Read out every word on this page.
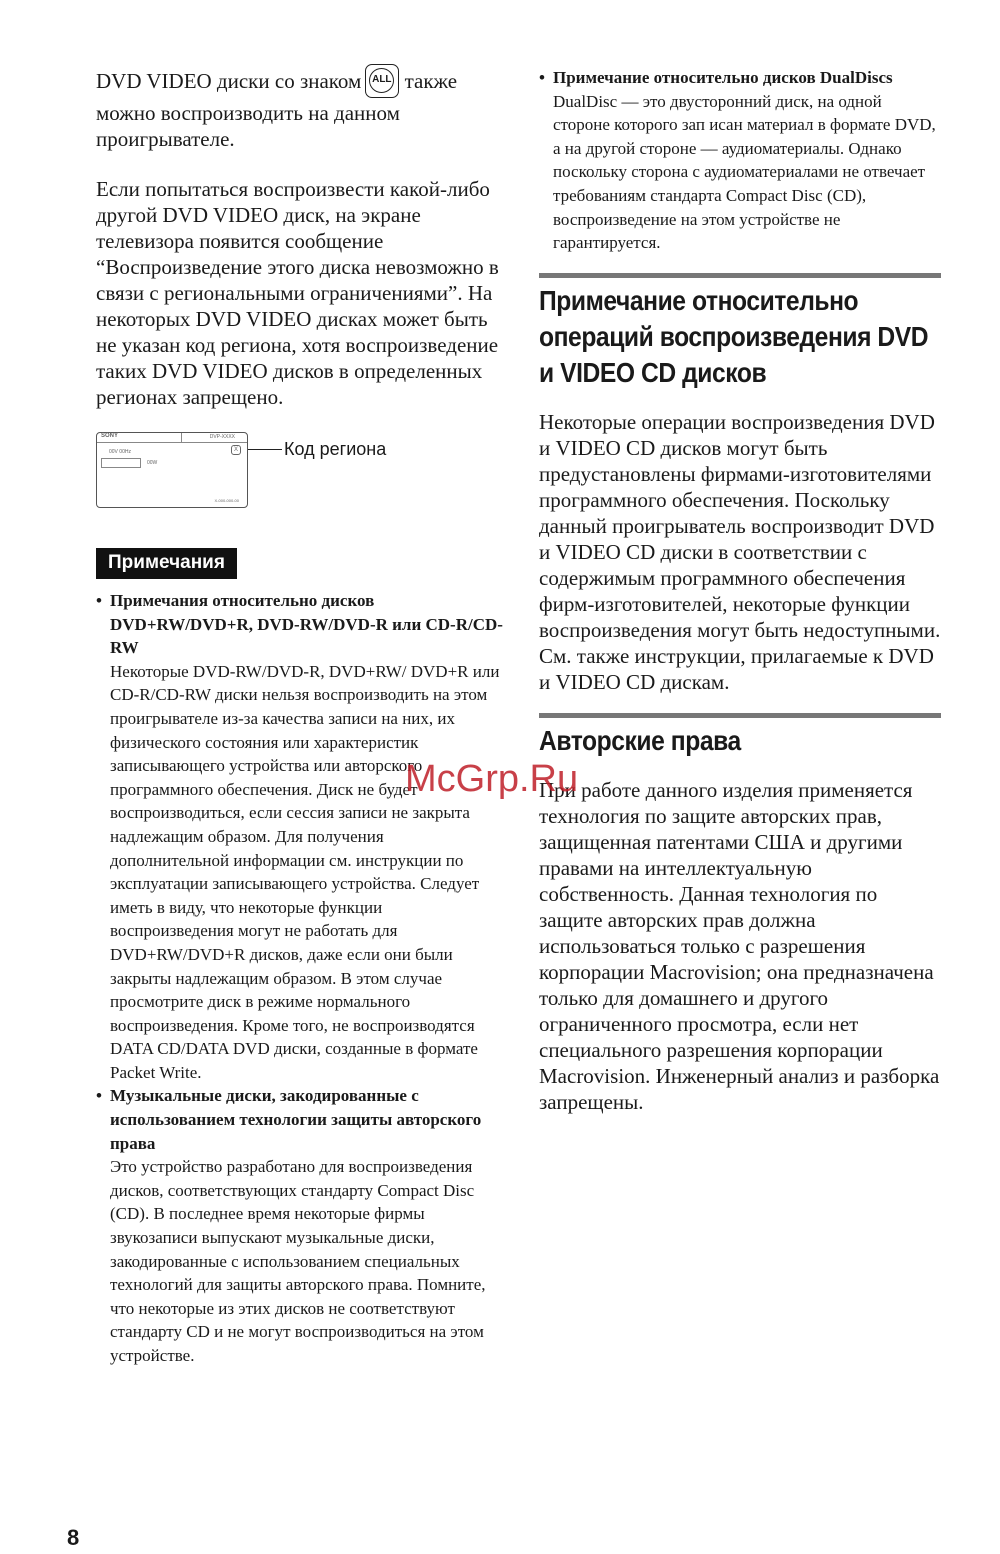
DVD VIDEO диски со знаком ALL также можно воспроизводить на данном проигрывателе.

Если попытаться воспроизвести какой-либо другой DVD VIDEO диск, на экране телевизора появится сообщение “Воспроизведение этого диска невозможно в связи с региональными ограничениями”. На некоторых DVD VIDEO дисках может быть не указан код региона, хотя воспроизведение таких DVD VIDEO дисков в определенных регионах запрещено.

SONY	DVP-XXXX
00V 00Hz
00W
X
X-000-000-00
Код региона
Примечания
• Примечания относительно дисков DVD+RW/DVD+R, DVD-RW/DVD-R или CD-R/CD-RW
Некоторые DVD-RW/DVD-R, DVD+RW/ DVD+R или CD-R/CD-RW диски нельзя воспроизводить на этом проигрывателе из-за качества записи на них, их физического состояния или характеристик записывающего устройства или авторского программного обеспечения. Диск не будет воспроизводиться, если сессия записи не закрыта надлежащим образом. Для получения дополнительной информации см. инструкции по эксплуатации записывающего устройства. Следует иметь в виду, что некоторые функции воспроизведения могут не работать для DVD+RW/DVD+R дисков, даже если они были закрыты надлежащим образом. В этом случае просмотрите диск в режиме нормального воспроизведения. Кроме того, не воспроизводятся DATA CD/DATA DVD диски, созданные в формате Packet Write.
• Музыкальные диски, закодированные с использованием технологии защиты авторского права
Это устройство разработано для воспроизведения дисков, соответствующих стандарту Compact Disc (CD). В последнее время некоторые фирмы звукозаписи выпускают музыкальные диски, закодированные с использованием специальных технологий для защиты авторского права. Помните, что некоторые из этих дисков не соответствуют стандарту CD и не могут воспроизводиться на этом устройстве.
• Примечание относительно дисков DualDiscs
DualDisc — это двусторонний диск, на одной стороне которого зап исан материал в формате DVD, а на другой стороне — аудиоматериалы. Однако поскольку сторона с аудиоматериалами не отвечает требованиям стандарта Compact Disc (CD), воспроизведение на этом устройстве не гарантируется.
Примечание относительно операций воспроизведения DVD и VIDEO CD дисков

Некоторые операции воспроизведения DVD и VIDEO CD дисков могут быть предустановлены фирмами-изготовителями программного обеспечения. Поскольку данный проигрыватель воспроизводит DVD и VIDEO CD диски в соответствии с содержимым программного обеспечения фирм-изготовителей, некоторые функции воспроизведения могут быть недоступными. См. также инструкции, прилагаемые к DVD и VIDEO CD дискам.

Авторские права

При работе данного изделия применяется технология по защите авторских прав, защищенная патентами США и другими правами на интеллектуальную собственность. Данная технология по защите авторских прав должна использоваться только с разрешения корпорации Macrovision; она предназначена только для домашнего и другого ограниченного просмотра, если нет специального разрешения корпорации Macrovision. Инженерный анализ и разборка запрещены.

8
McGrp.Ru
